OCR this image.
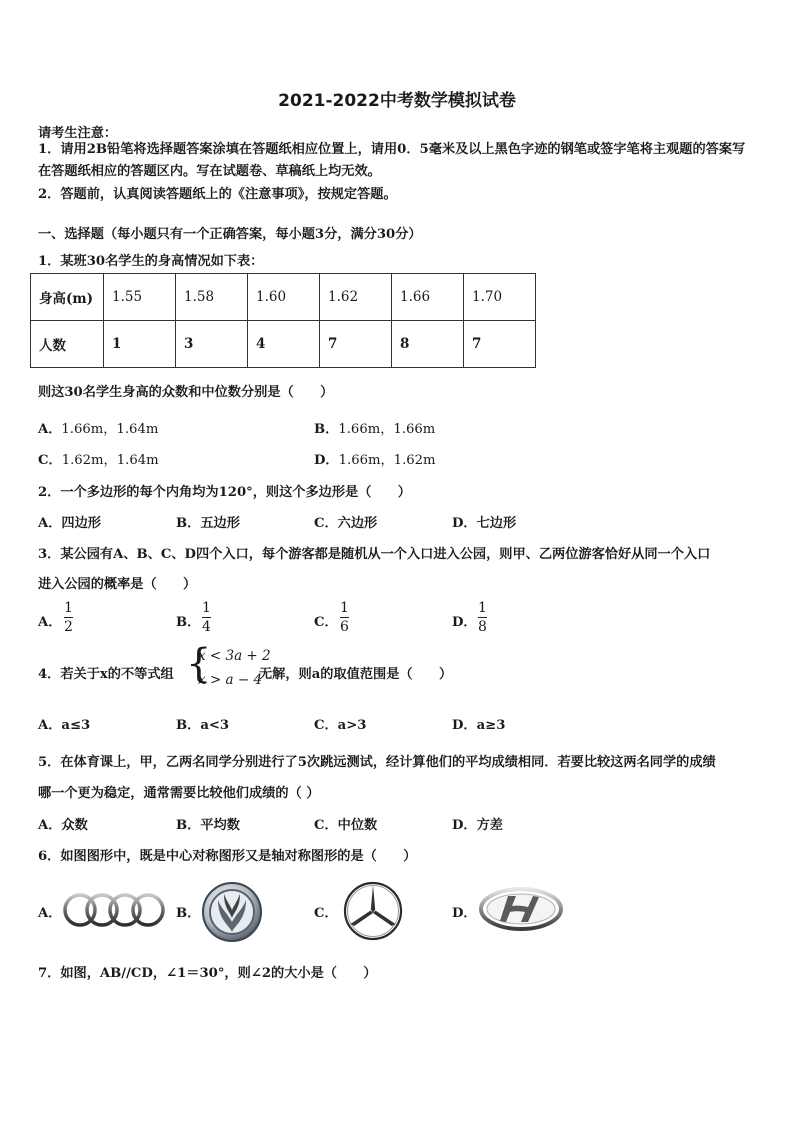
2021-2022中考数学模拟试卷
请考生注意：
1．请用2B铅笔将选择题答案涂填在答题纸相应位置上，请用0．5毫米及以上黑色字迹的钢笔或签字笔将主观题的答案写在答题纸相应的答题区内。写在试题卷、草稿纸上均无效。
2．答题前，认真阅读答题纸上的《注意事项》，按规定答题。
一、选择题（每小题只有一个正确答案，每小题3分，满分30分）
1．某班30名学生的身高情况如下表：
身高(m)	1.55	1.58	1.60	1.62	1.66	1.70
人数	1	3	4	7	8	7
则这30名学生身高的众数和中位数分别是（　　）
A．1.66m，1.64m	B．1.66m，1.66m
C．1.62m，1.64m	D．1.66m，1.62m
2．一个多边形的每个内角均为120°，则这个多边形是（　　）
A．四边形	B．五边形	C．六边形	D．七边形
3．某公园有A、B、C、D四个入口，每个游客都是随机从一个入口进入公园，则甲、乙两位游客恰好从同一个入口
进入公园的概率是（　　）
A．
1
2	B．
1
4	C．
1
6	D．
1
8
4．若关于x的不等式组 {
x < 3a + 2
x > a − 4
无解，则a的取值范围是（　　）
A．a≤3	B．a<3	C．a>3	D．a≥3
5．在体育课上，甲，乙两名同学分别进行了5次跳远测试，经计算他们的平均成绩相同．若要比较这两名同学的成绩
哪一个更为稳定，通常需要比较他们成绩的（ ）
A．众数	B．平均数	C．中位数	D．方差
6．如图图形中，既是中心对称图形又是轴对称图形的是（　　）
A．	B．	C．	D．
7．如图，AB//CD，∠1＝30°，则∠2的大小是（　　）
